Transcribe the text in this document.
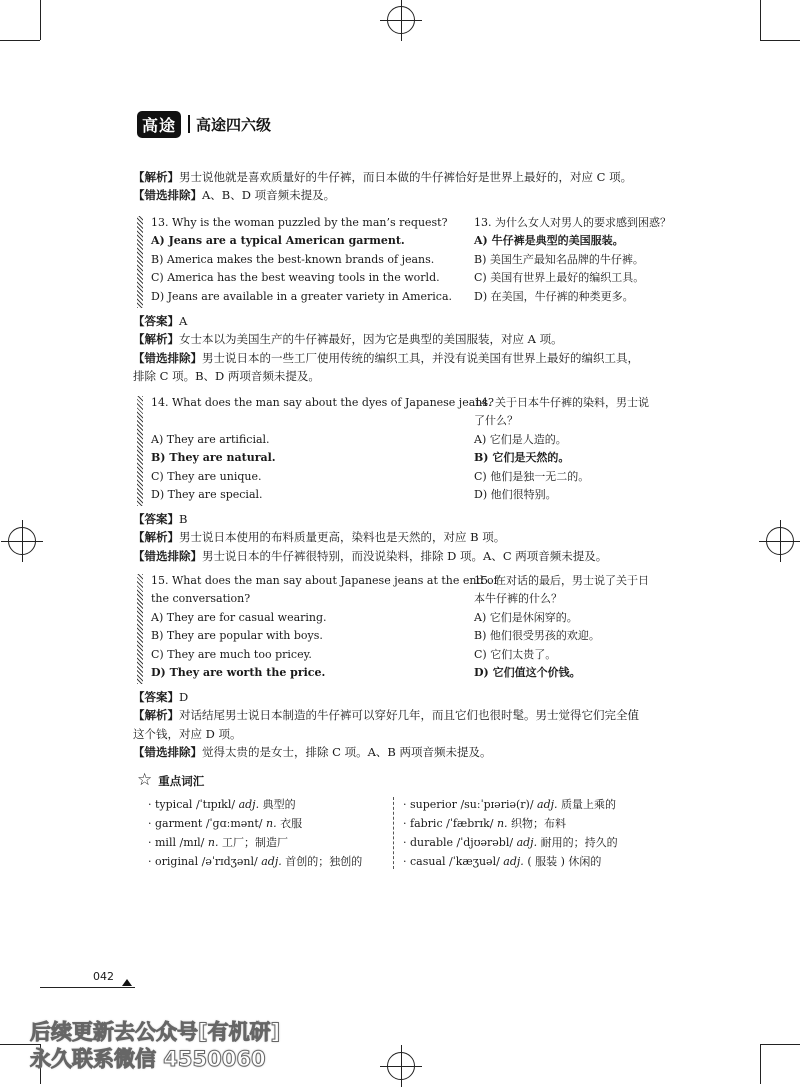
高途	高途四六级
【解析】男士说他就是喜欢质量好的牛仔裤，而日本做的牛仔裤恰好是世界上最好的，对应 C 项。
【错选排除】A、B、D 项音频未提及。
13. Why is the woman puzzled by the man’s request?
A) Jeans are a typical American garment.
B) America makes the best-known brands of jeans.
C) America has the best weaving tools in the world.
D) Jeans are available in a greater variety in America.
13. 为什么女人对男人的要求感到困惑？
A) 牛仔裤是典型的美国服装。
B) 美国生产最知名品牌的牛仔裤。
C) 美国有世界上最好的编织工具。
D) 在美国，牛仔裤的种类更多。
【答案】A
【解析】女士本以为美国生产的牛仔裤最好，因为它是典型的美国服装，对应 A 项。
【错选排除】男士说日本的一些工厂使用传统的编织工具，并没有说美国有世界上最好的编织工具，
排除 C 项。B、D 两项音频未提及。
14. What does the man say about the dyes of Japanese jeans?

A) They are artificial.
B) They are natural.
C) They are unique.
D) They are special.
14. 关于日本牛仔裤的染料，男士说
了什么？
A) 它们是人造的。
B) 它们是天然的。
C) 他们是独一无二的。
D) 他们很特别。
【答案】B
【解析】男士说日本使用的布料质量更高，染料也是天然的，对应 B 项。
【错选排除】男士说日本的牛仔裤很特别，而没说染料，排除 D 项。A、C 两项音频未提及。
15. What does the man say about Japanese jeans at the end of
the conversation?
A) They are for casual wearing.
B) They are popular with boys.
C) They are much too pricey.
D) They are worth the price.
15. 在对话的最后，男士说了关于日
本牛仔裤的什么？
A) 它们是休闲穿的。
B) 他们很受男孩的欢迎。
C) 它们太贵了。
D) 它们值这个价钱。
【答案】D
【解析】对话结尾男士说日本制造的牛仔裤可以穿好几年，而且它们也很时髦。男士觉得它们完全值
这个钱，对应 D 项。
【错选排除】觉得太贵的是女士，排除 C 项。A、B 两项音频未提及。
☆ 重点词汇
· typical /ˈtɪpɪkl/ adj. 典型的
· garment /ˈɡɑːmənt/ n. 衣服
· mill /mɪl/ n. 工厂；制造厂
· original /əˈrɪdʒənl/ adj. 首创的；独创的
· superior /suːˈpɪəriə(r)/ adj. 质量上乘的
· fabric /ˈfæbrɪk/ n. 织物；布料
· durable /ˈdjʊərəbl/ adj. 耐用的；持久的
· casual /ˈkæʒuəl/ adj. ( 服装 ) 休闲的
042
后续更新去公众号[有机研]
永久联系微信 4550060
